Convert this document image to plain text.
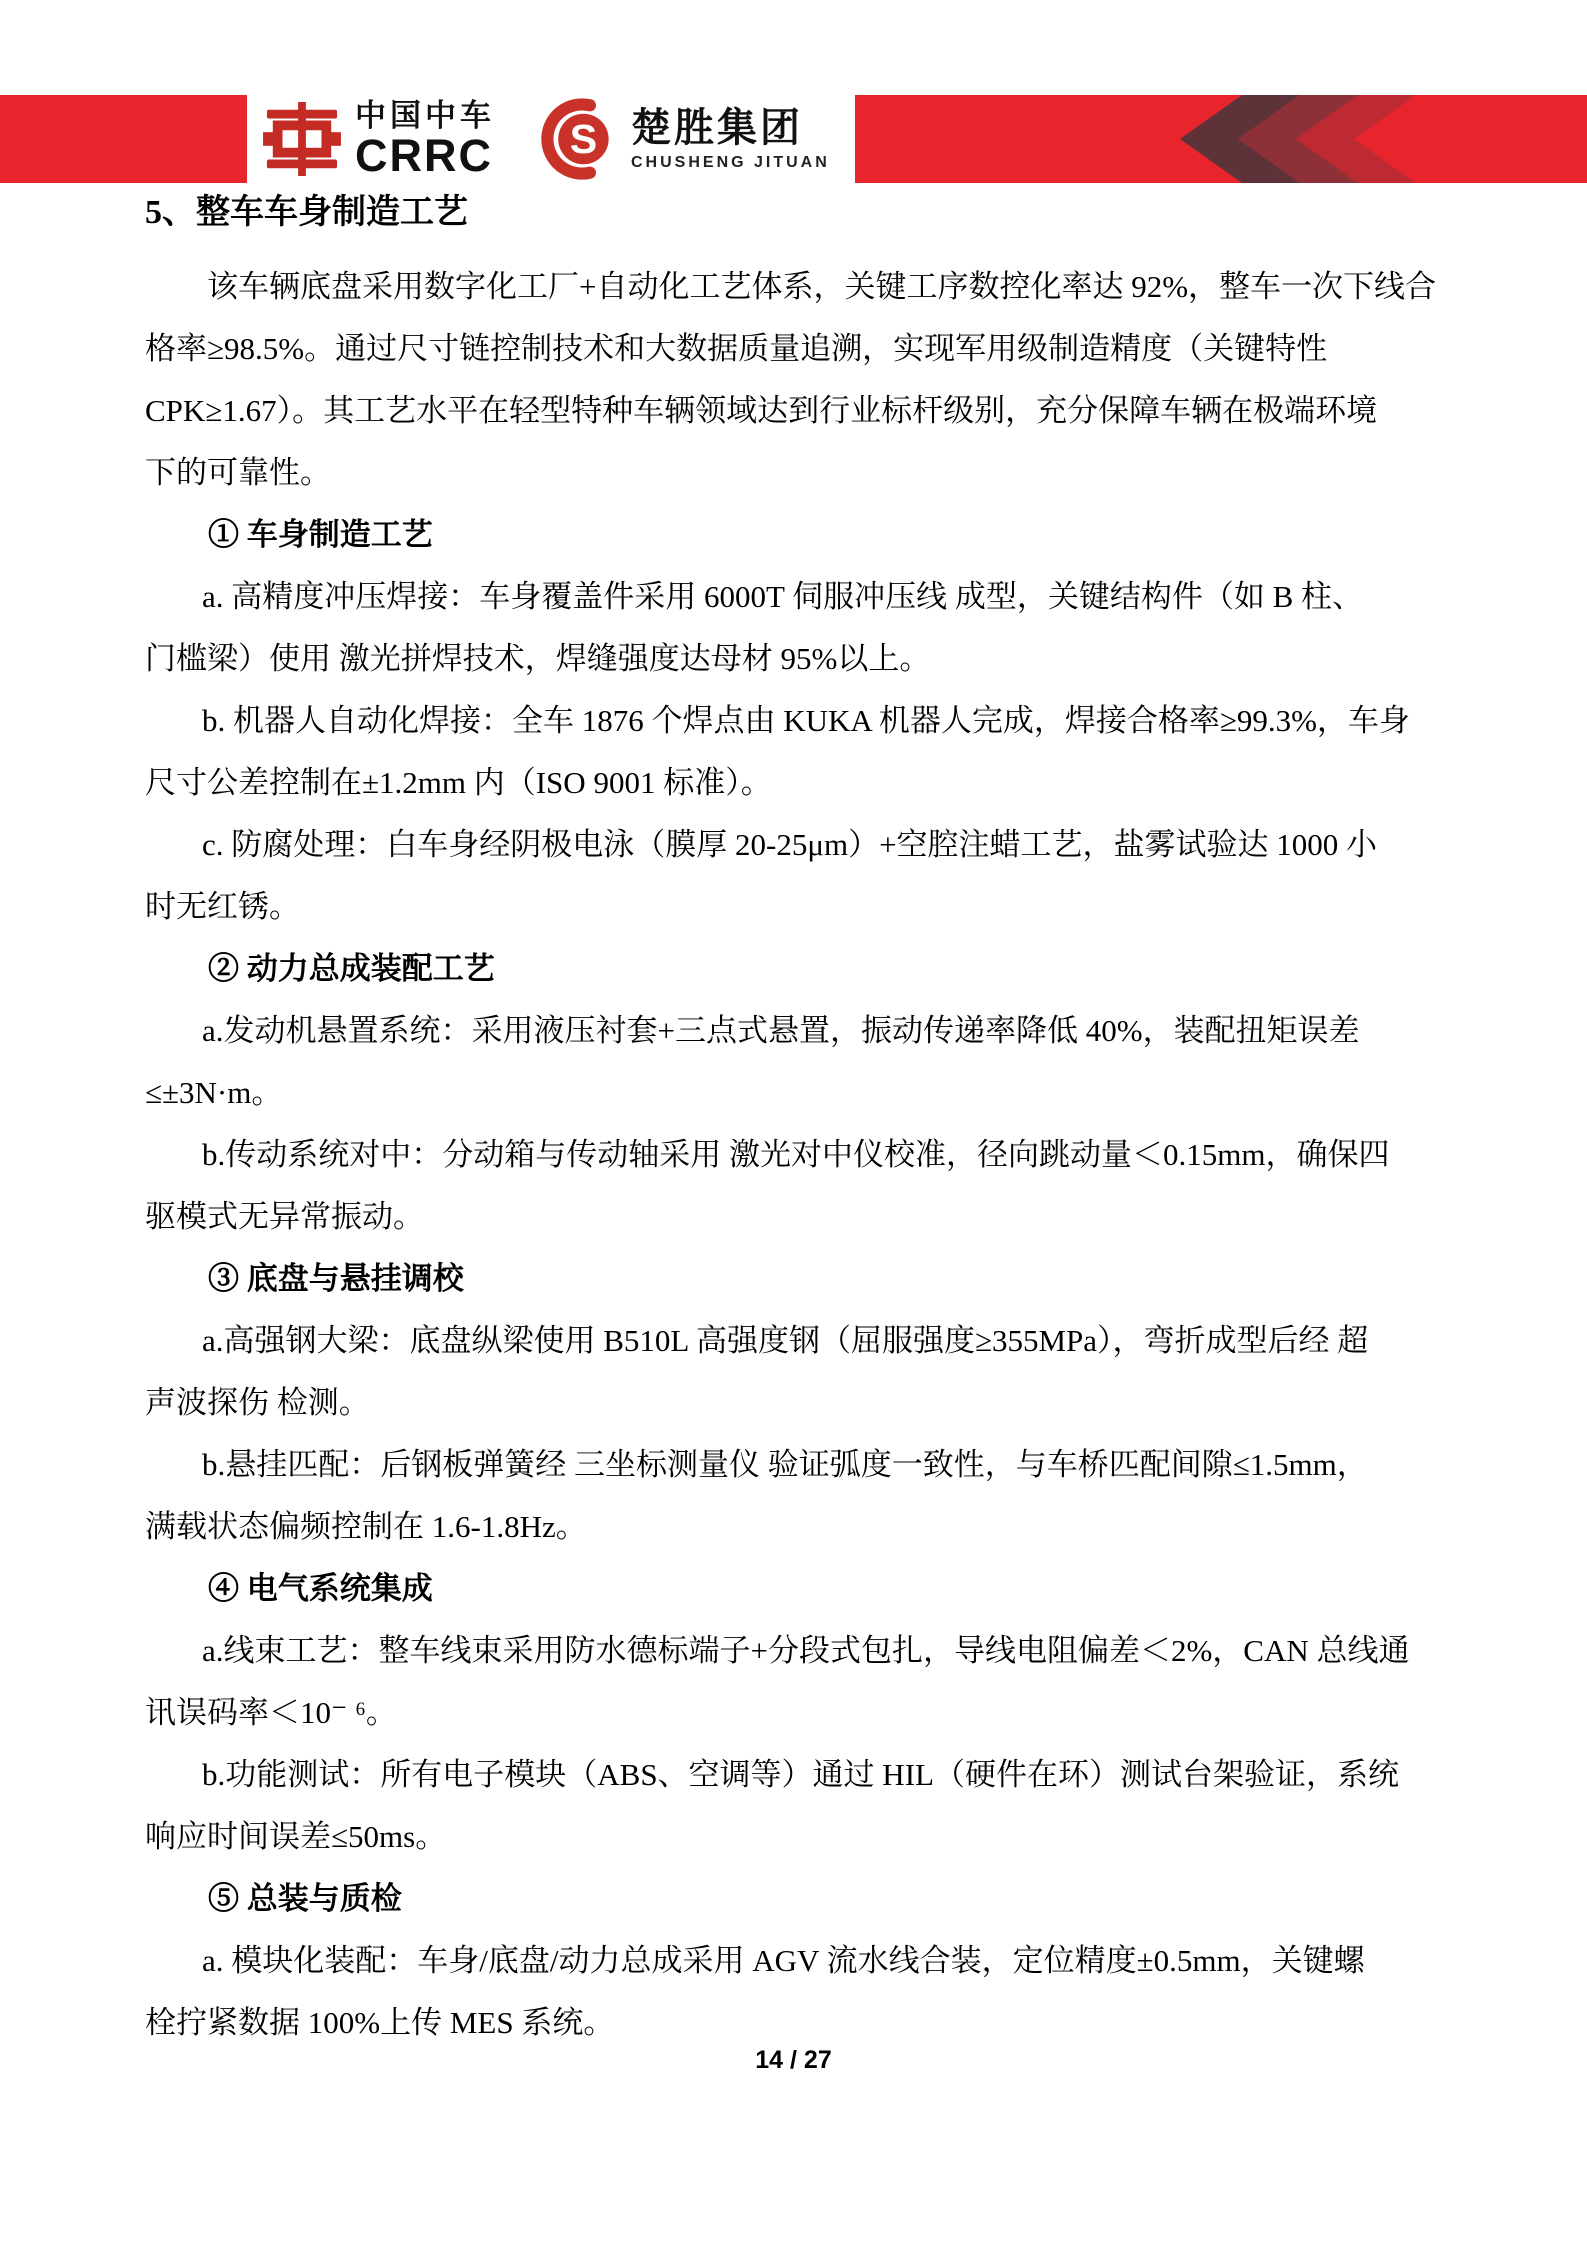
中国中车
CRRC S 楚胜集团
CHUSHENG JITUAN
5、整车车身制造工艺
该车辆底盘采用数字化工厂+自动化工艺体系，关键工序数控化率达 92%，整车一次下线合
格率≥98.5%。通过尺寸链控制技术和大数据质量追溯，实现军用级制造精度（关键特性
CPK≥1.67）。其工艺水平在轻型特种车辆领域达到行业标杆级别，充分保障车辆在极端环境
下的可靠性。
① 车身制造工艺
a. 高精度冲压焊接：车身覆盖件采用 6000T 伺服冲压线 成型，关键结构件（如 B 柱、
门槛梁）使用 激光拼焊技术，焊缝强度达母材 95%以上。
b. 机器人自动化焊接：全车 1876 个焊点由 KUKA 机器人完成，焊接合格率≥99.3%，车身
尺寸公差控制在±1.2mm 内（ISO 9001 标准）。
c. 防腐处理：白车身经阴极电泳（膜厚 20-25μm）+空腔注蜡工艺，盐雾试验达 1000 小
时无红锈。
② 动力总成装配工艺
a.发动机悬置系统：采用液压衬套+三点式悬置，振动传递率降低 40%，装配扭矩误差
≤±3N·m。
b.传动系统对中：分动箱与传动轴采用 激光对中仪校准，径向跳动量＜0.15mm，确保四
驱模式无异常振动。
③ 底盘与悬挂调校
a.高强钢大梁：底盘纵梁使用 B510L 高强度钢（屈服强度≥355MPa），弯折成型后经 超
声波探伤 检测。
b.悬挂匹配：后钢板弹簧经 三坐标测量仪 验证弧度一致性，与车桥匹配间隙≤1.5mm，
满载状态偏频控制在 1.6-1.8Hz。
④ 电气系统集成
a.线束工艺：整车线束采用防水德标端子+分段式包扎，导线电阻偏差＜2%，CAN 总线通
讯误码率＜10⁻ ⁶。
b.功能测试：所有电子模块（ABS、空调等）通过 HIL（硬件在环）测试台架验证，系统
响应时间误差≤50ms。
⑤ 总装与质检
a. 模块化装配：车身/底盘/动力总成采用 AGV 流水线合装，定位精度±0.5mm，关键螺
栓拧紧数据 100%上传 MES 系统。
14 / 27
